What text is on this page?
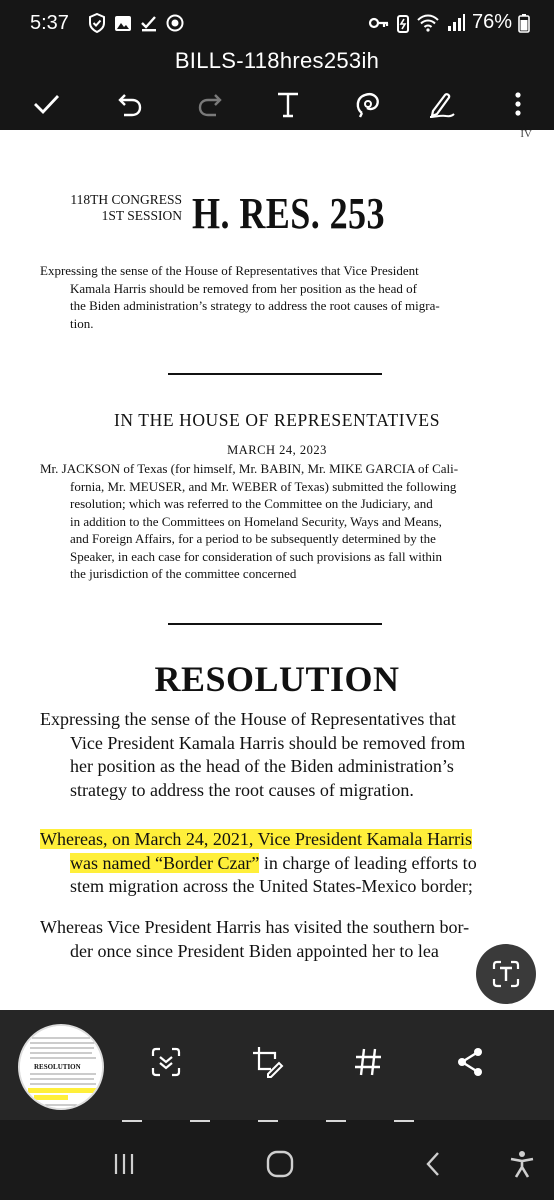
5:37	76%
BILLS-118hres253ih
IV
118TH CONGRESS
1ST SESSION H. RES. 253
Expressing the sense of the House of Representatives that Vice President
Kamala Harris should be removed from her position as the head of
the Biden administration’s strategy to address the root causes of migra-
tion.
IN THE HOUSE OF REPRESENTATIVES
MARCH 24, 2023
Mr. JACKSON of Texas (for himself, Mr. BABIN, Mr. MIKE GARCIA of Cali-
fornia, Mr. MEUSER, and Mr. WEBER of Texas) submitted the following
resolution; which was referred to the Committee on the Judiciary, and
in addition to the Committees on Homeland Security, Ways and Means,
and Foreign Affairs, for a period to be subsequently determined by the
Speaker, in each case for consideration of such provisions as fall within
the jurisdiction of the committee concerned
RESOLUTION
Expressing the sense of the House of Representatives that
Vice President Kamala Harris should be removed from
her position as the head of the Biden administration’s
strategy to address the root causes of migration.
Whereas, on March 24, 2021, Vice President Kamala Harris
was named “Border Czar” in charge of leading efforts to
stem migration across the United States-Mexico border;
Whereas Vice President Harris has visited the southern bor-
der once since President Biden appointed her to lea
RESOLUTION
